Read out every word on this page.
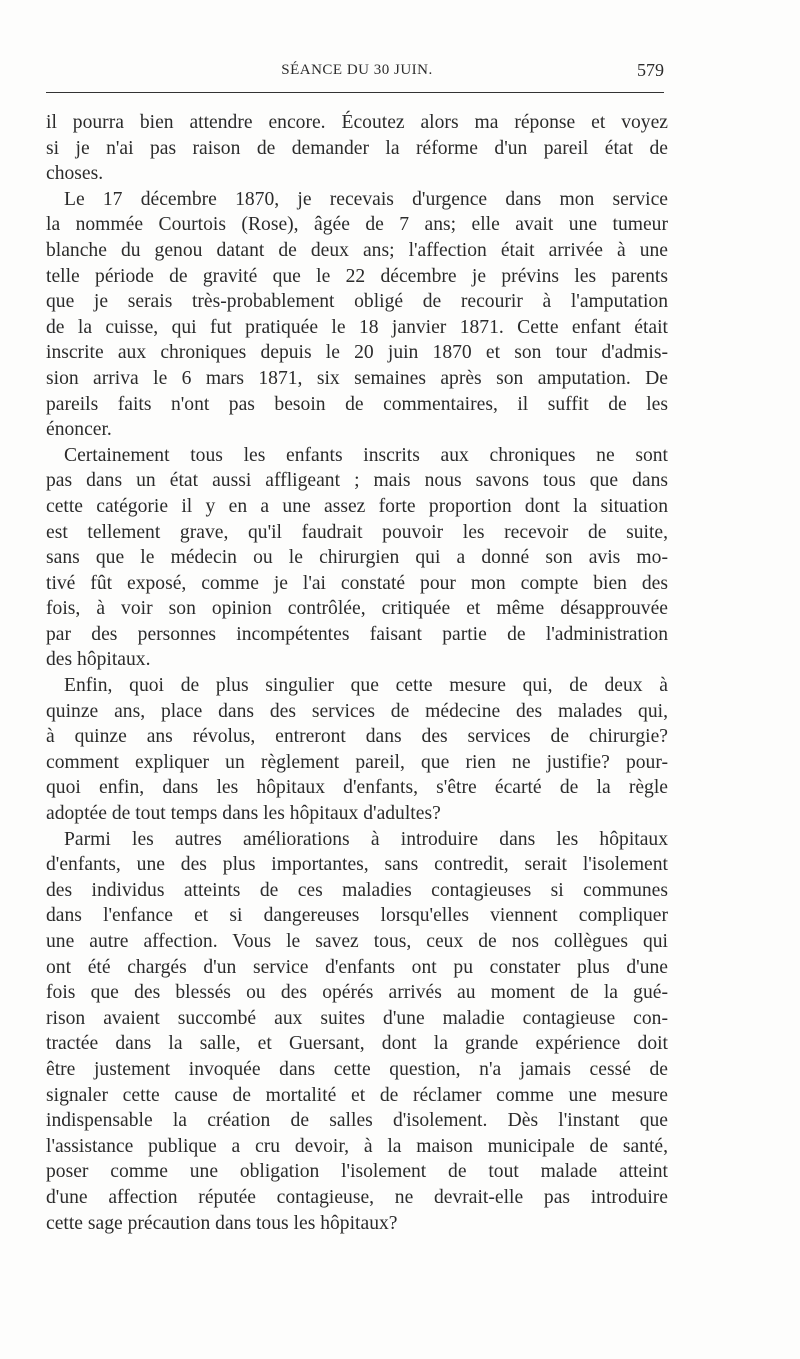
SÉANCE DU 30 JUIN.	579
il pourra bien attendre encore. Écoutez alors ma réponse et voyez
si je n'ai pas raison de demander la réforme d'un pareil état de
choses.
Le 17 décembre 1870, je recevais d'urgence dans mon service
la nommée Courtois (Rose), âgée de 7 ans; elle avait une tumeur
blanche du genou datant de deux ans; l'affection était arrivée à une
telle période de gravité que le 22 décembre je prévins les parents
que je serais très-probablement obligé de recourir à l'amputation
de la cuisse, qui fut pratiquée le 18 janvier 1871. Cette enfant était
inscrite aux chroniques depuis le 20 juin 1870 et son tour d'admis-
sion arriva le 6 mars 1871, six semaines après son amputation. De
pareils faits n'ont pas besoin de commentaires, il suffit de les
énoncer.
Certainement tous les enfants inscrits aux chroniques ne sont
pas dans un état aussi affligeant ; mais nous savons tous que dans
cette catégorie il y en a une assez forte proportion dont la situation
est tellement grave, qu'il faudrait pouvoir les recevoir de suite,
sans que le médecin ou le chirurgien qui a donné son avis mo-
tivé fût exposé, comme je l'ai constaté pour mon compte bien des
fois, à voir son opinion contrôlée, critiquée et même désapprouvée
par des personnes incompétentes faisant partie de l'administration
des hôpitaux.
Enfin, quoi de plus singulier que cette mesure qui, de deux à
quinze ans, place dans des services de médecine des malades qui,
à quinze ans révolus, entreront dans des services de chirurgie?
comment expliquer un règlement pareil, que rien ne justifie? pour-
quoi enfin, dans les hôpitaux d'enfants, s'être écarté de la règle
adoptée de tout temps dans les hôpitaux d'adultes?
Parmi les autres améliorations à introduire dans les hôpitaux
d'enfants, une des plus importantes, sans contredit, serait l'isolement
des individus atteints de ces maladies contagieuses si communes
dans l'enfance et si dangereuses lorsqu'elles viennent compliquer
une autre affection. Vous le savez tous, ceux de nos collègues qui
ont été chargés d'un service d'enfants ont pu constater plus d'une
fois que des blessés ou des opérés arrivés au moment de la gué-
rison avaient succombé aux suites d'une maladie contagieuse con-
tractée dans la salle, et Guersant, dont la grande expérience doit
être justement invoquée dans cette question, n'a jamais cessé de
signaler cette cause de mortalité et de réclamer comme une mesure
indispensable la création de salles d'isolement. Dès l'instant que
l'assistance publique a cru devoir, à la maison municipale de santé,
poser comme une obligation l'isolement de tout malade atteint
d'une affection réputée contagieuse, ne devrait-elle pas introduire
cette sage précaution dans tous les hôpitaux?
